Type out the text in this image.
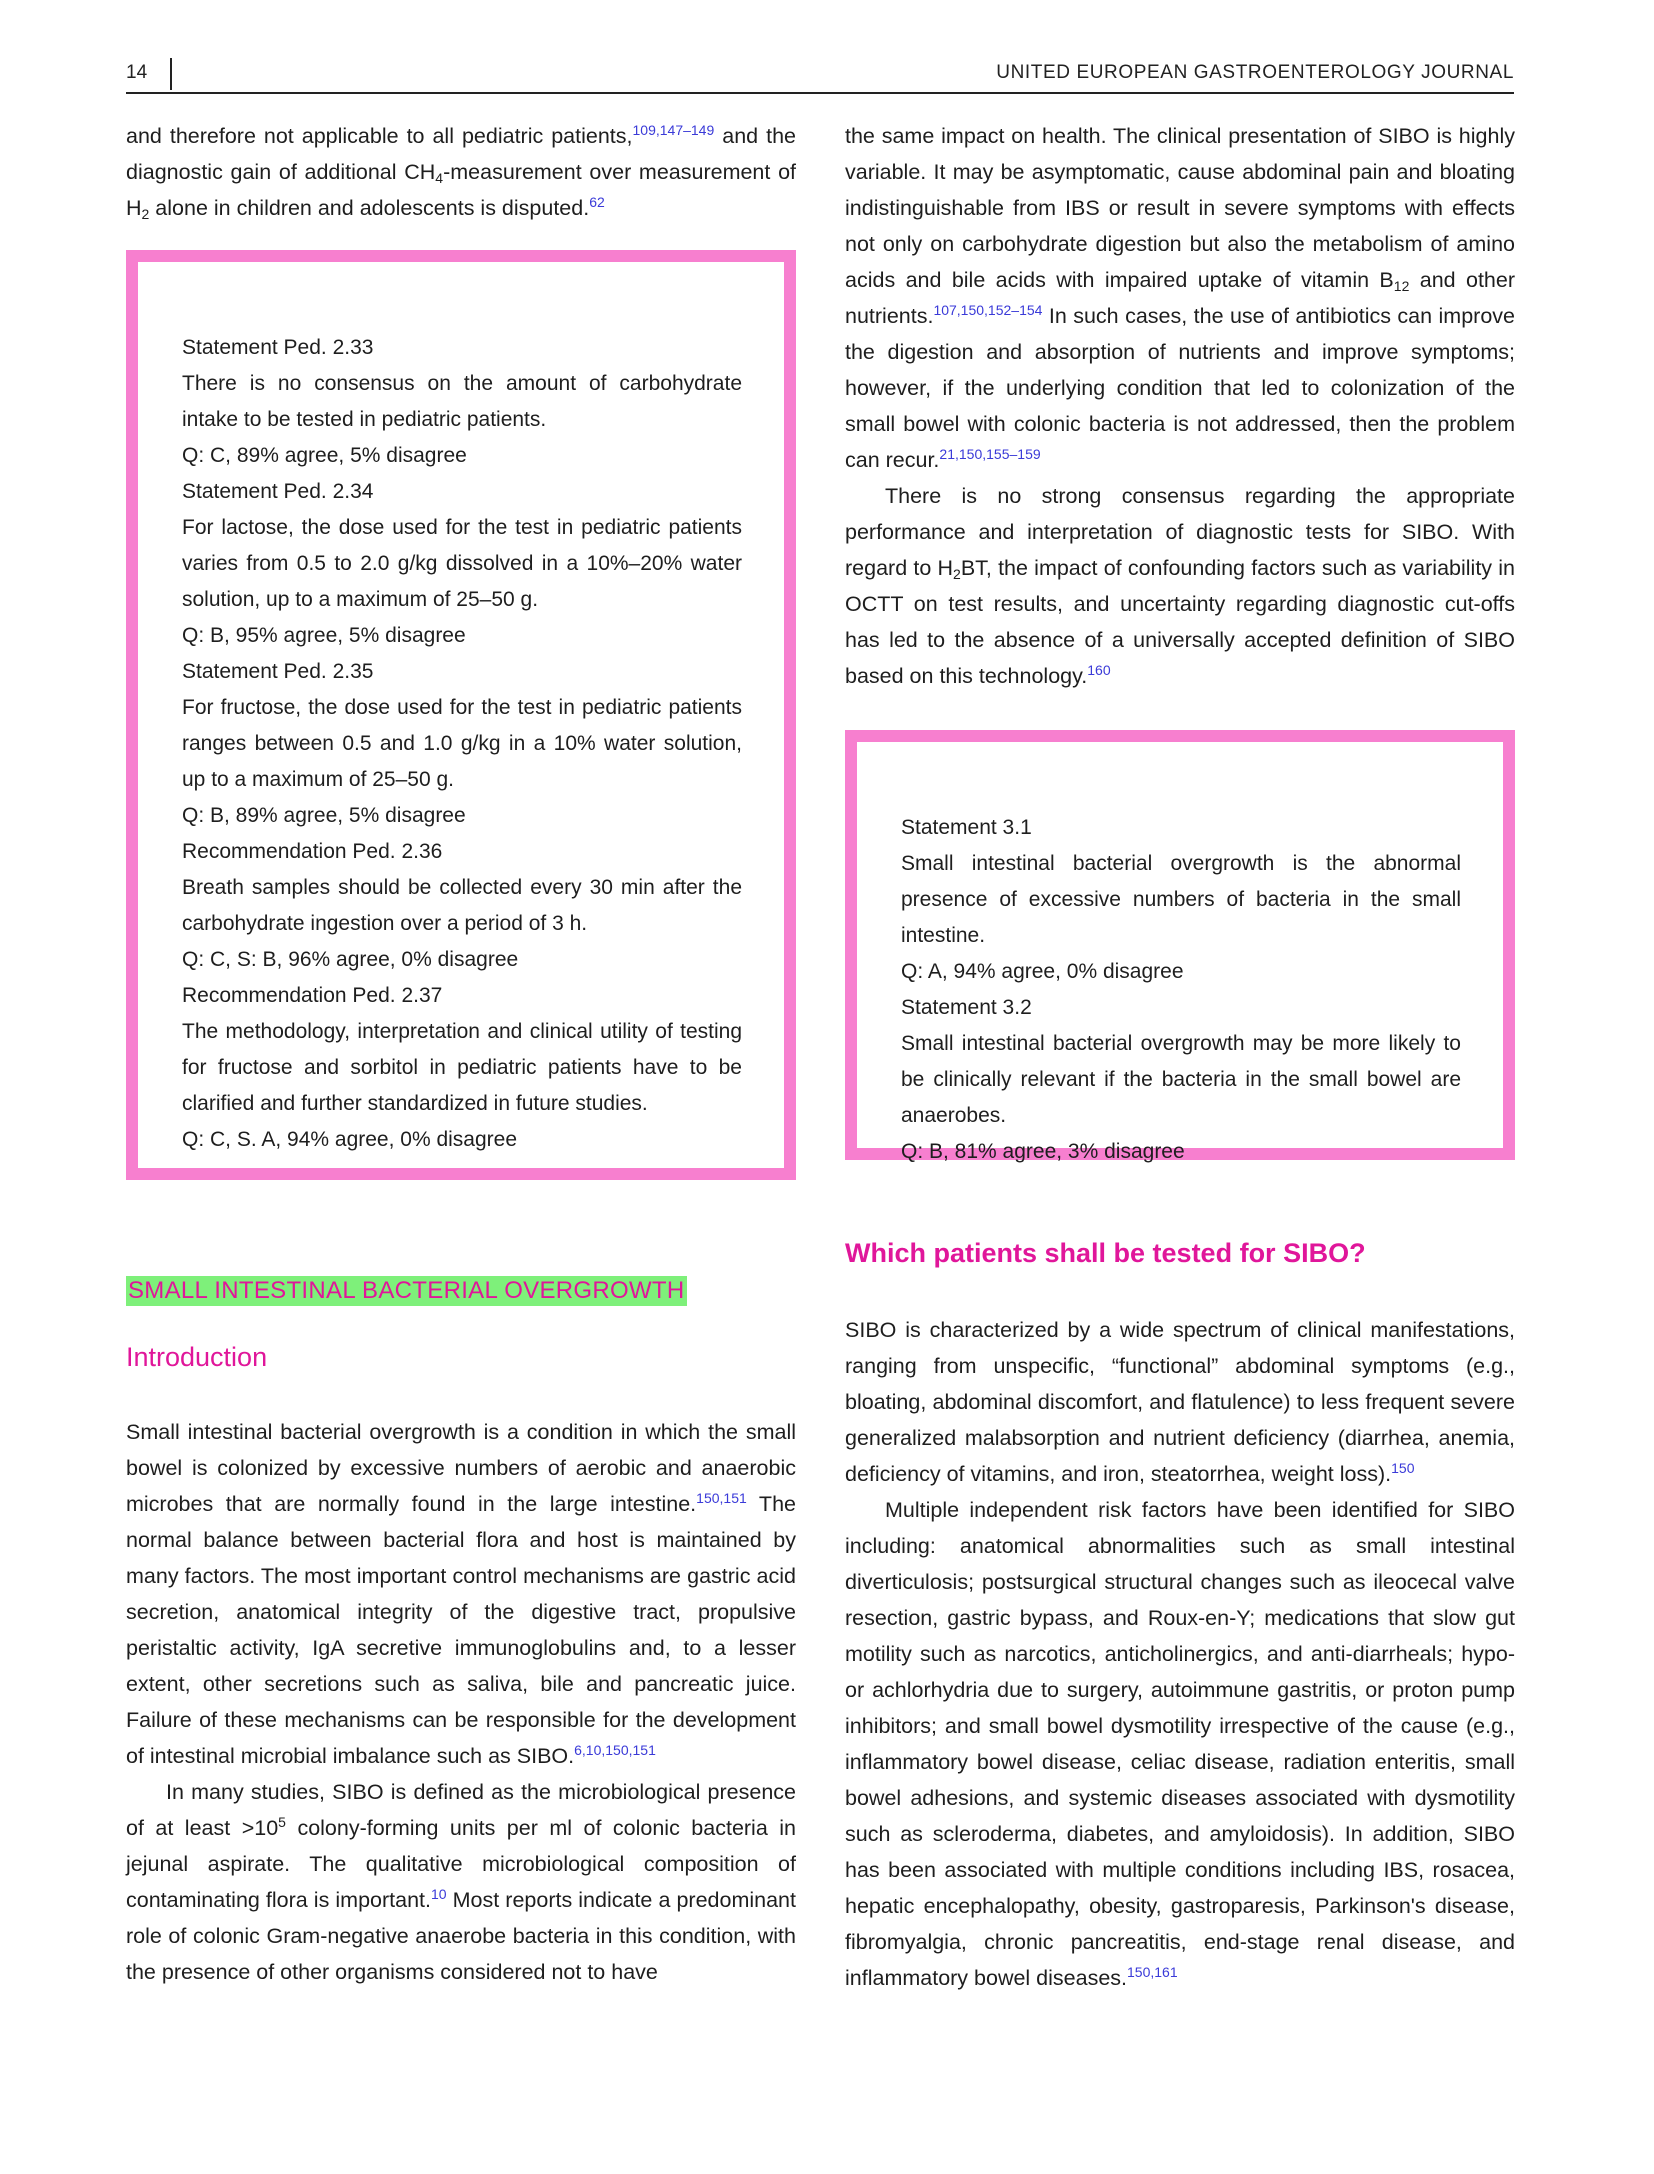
14	UNITED EUROPEAN GASTROENTEROLOGY JOURNAL

and therefore not applicable to all pediatric patients,$^{109,147-149}$ and the diagnostic gain of additional $CH_4$-measurement over measurement of $H_2$ alone in children and adolescents is disputed.$^{62}$

Statement Ped. 2.33

There is no consensus on the amount of carbohydrate intake to be tested in pediatric patients.

Q: C, 89% agree, 5% disagree

Statement Ped. 2.34

For lactose, the dose used for the test in pediatric patients varies from 0.5 to 2.0 g/kg dissolved in a 10%–20% water solution, up to a maximum of 25–50 g.

Q: B, 95% agree, 5% disagree

Statement Ped. 2.35

For fructose, the dose used for the test in pediatric patients ranges between 0.5 and 1.0 g/kg in a 10% water solution, up to a maximum of 25–50 g.

Q: B, 89% agree, 5% disagree

Recommendation Ped. 2.36

Breath samples should be collected every 30 min after the carbohydrate ingestion over a period of 3 h.

Q: C, S: B, 96% agree, 0% disagree

Recommendation Ped. 2.37

The methodology, interpretation and clinical utility of testing for fructose and sorbitol in pediatric patients have to be clarified and further standardized in future studies.

Q: C, S. A, 94% agree, 0% disagree

SMALL INTESTINAL BACTERIAL OVERGROWTH
Introduction

Small intestinal bacterial overgrowth is a condition in which the small bowel is colonized by excessive numbers of aerobic and anaerobic microbes that are normally found in the large intestine.$^{150,151}$ The normal balance between bacterial flora and host is maintained by many factors. The most important control mechanisms are gastric acid secretion, anatomical integrity of the digestive tract, propulsive peristaltic activity, IgA secretive immunoglobulins and, to a lesser extent, other secretions such as saliva, bile and pancreatic juice. Failure of these mechanisms can be responsible for the development of intestinal microbial imbalance such as SIBO.$^{6,10,150,151}$

In many studies, SIBO is defined as the microbiological presence of at least $>10^5$ colony-forming units per ml of colonic bacteria in jejunal aspirate. The qualitative microbiological composition of contaminating flora is important.$^{10}$ Most reports indicate a predominant role of colonic Gram-negative anaerobe bacteria in this condition, with the presence of other organisms considered not to have

the same impact on health. The clinical presentation of SIBO is highly variable. It may be asymptomatic, cause abdominal pain and bloating indistinguishable from IBS or result in severe symptoms with effects not only on carbohydrate digestion but also the metabolism of amino acids and bile acids with impaired uptake of vitamin $B_{12}$ and other nutrients.$^{107,150,152-154}$ In such cases, the use of antibiotics can improve the digestion and absorption of nutrients and improve symptoms; however, if the underlying condition that led to colonization of the small bowel with colonic bacteria is not addressed, then the problem can recur.$^{21,150,155-159}$

There is no strong consensus regarding the appropriate performance and interpretation of diagnostic tests for SIBO. With regard to $H_2BT$, the impact of confounding factors such as variability in OCTT on test results, and uncertainty regarding diagnostic cut-offs has led to the absence of a universally accepted definition of SIBO based on this technology.$^{160}$

Statement 3.1

Small intestinal bacterial overgrowth is the abnormal presence of excessive numbers of bacteria in the small intestine.

Q: A, 94% agree, 0% disagree

Statement 3.2

Small intestinal bacterial overgrowth may be more likely to be clinically relevant if the bacteria in the small bowel are anaerobes.

Q: B, 81% agree, 3% disagree

Which patients shall be tested for SIBO?

SIBO is characterized by a wide spectrum of clinical manifestations, ranging from unspecific, “functional” abdominal symptoms (e.g., bloating, abdominal discomfort, and flatulence) to less frequent severe generalized malabsorption and nutrient deficiency (diarrhea, anemia, deficiency of vitamins, and iron, steatorrhea, weight loss).$^{150}$

Multiple independent risk factors have been identified for SIBO including: anatomical abnormalities such as small intestinal diverticulosis; postsurgical structural changes such as ileocecal valve resection, gastric bypass, and Roux-en-Y; medications that slow gut motility such as narcotics, anticholinergics, and anti-diarrheals; hypo- or achlorhydria due to surgery, autoimmune gastritis, or proton pump inhibitors; and small bowel dysmotility irrespective of the cause (e.g., inflammatory bowel disease, celiac disease, radiation enteritis, small bowel adhesions, and systemic diseases associated with dysmotility such as scleroderma, diabetes, and amyloidosis). In addition, SIBO has been associated with multiple conditions including IBS, rosacea, hepatic encephalopathy, obesity, gastroparesis, Parkinson's disease, fibromyalgia, chronic pancreatitis, end-stage renal disease, and inflammatory bowel diseases.$^{150,161}$
